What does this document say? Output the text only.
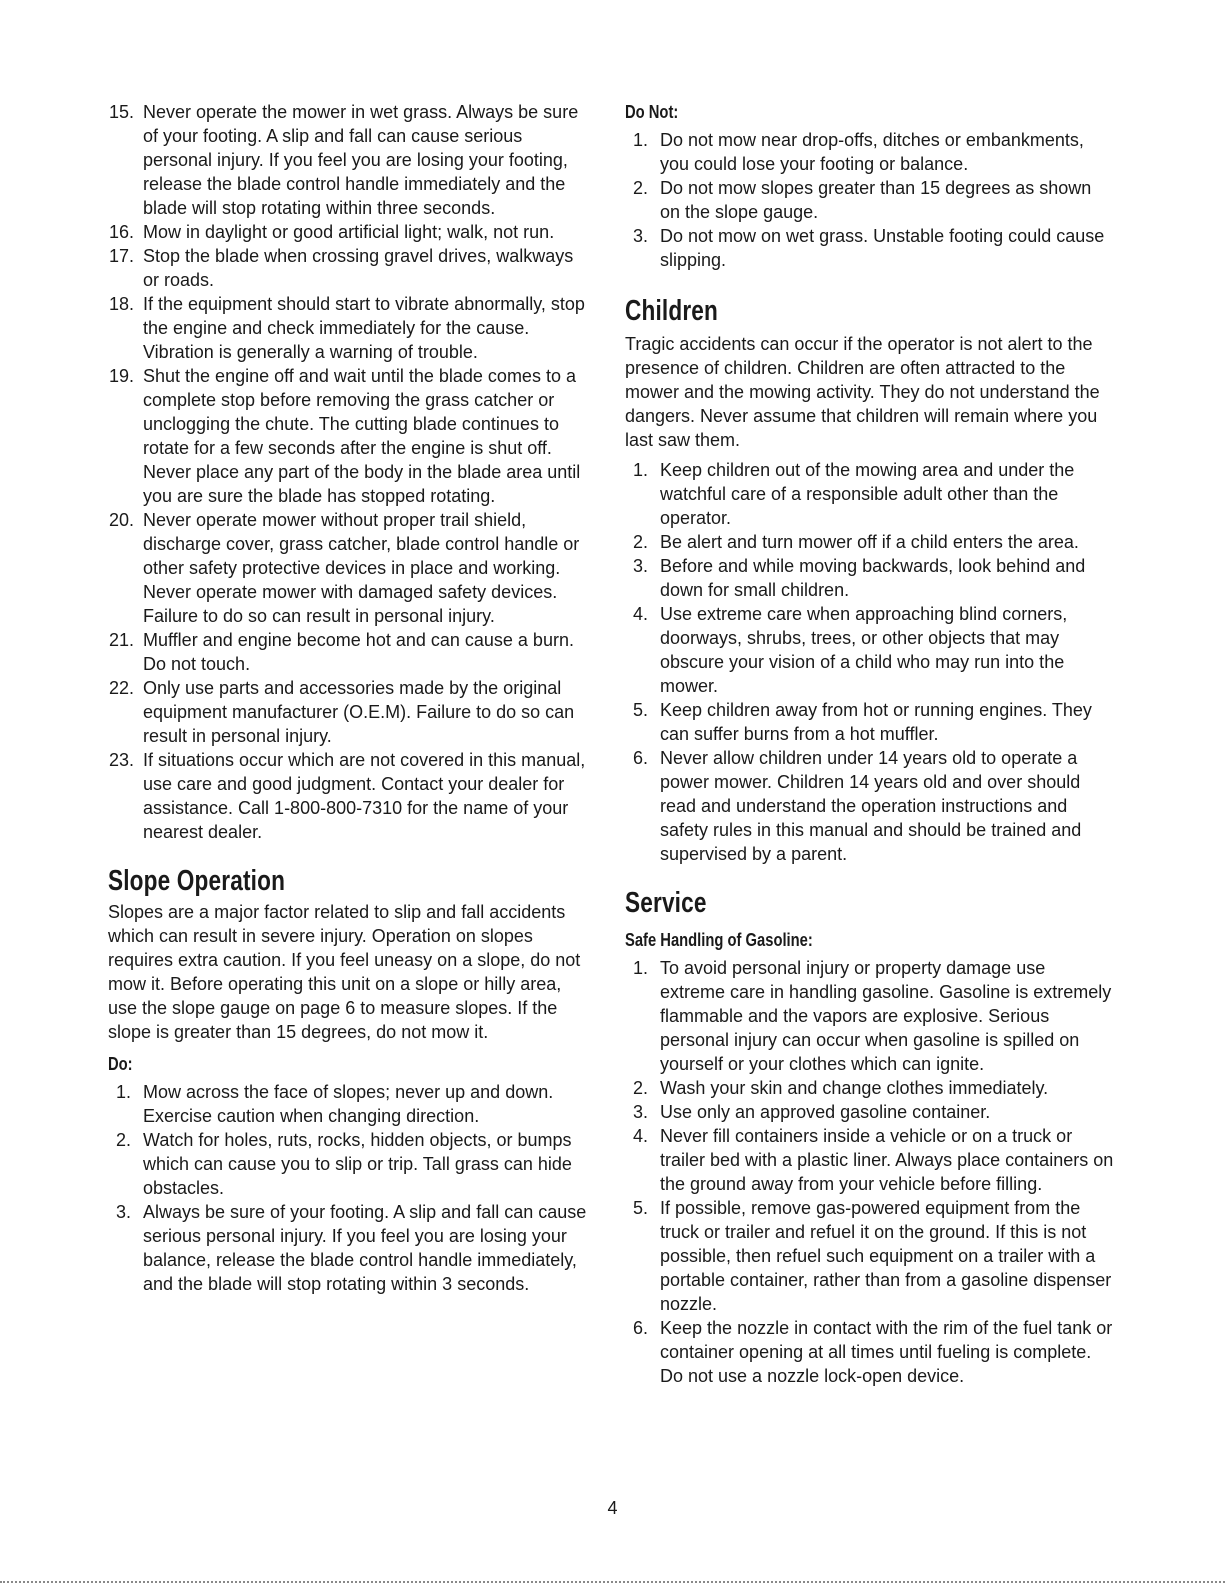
15. Never operate the mower in wet grass. Always be sure of your footing. A slip and fall can cause serious personal injury. If you feel you are losing your footing, release the blade control handle immediately and the blade will stop rotating within three seconds.
16. Mow in daylight or good artificial light; walk, not run.
17. Stop the blade when crossing gravel drives, walkways or roads.
18. If the equipment should start to vibrate abnormally, stop the engine and check immediately for the cause. Vibration is generally a warning of trouble.
19. Shut the engine off and wait until the blade comes to a complete stop before removing the grass catcher or unclogging the chute. The cutting blade continues to rotate for a few seconds after the engine is shut off. Never place any part of the body in the blade area until you are sure the blade has stopped rotating.
20. Never operate mower without proper trail shield, discharge cover, grass catcher, blade control handle or other safety protective devices in place and working. Never operate mower with damaged safety devices. Failure to do so can result in personal injury.
21. Muffler and engine become hot and can cause a burn. Do not touch.
22. Only use parts and accessories made by the original equipment manufacturer (O.E.M). Failure to do so can result in personal injury.
23. If situations occur which are not covered in this manual, use care and good judgment. Contact your dealer for assistance. Call 1-800-800-7310 for the name of your nearest dealer.
Slope Operation

Slopes are a major factor related to slip and fall accidents which can result in severe injury. Operation on slopes requires extra caution. If you feel uneasy on a slope, do not mow it. Before operating this unit on a slope or hilly area, use the slope gauge on page 6 to measure slopes. If the slope is greater than 15 degrees, do not mow it.

Do:
1. Mow across the face of slopes; never up and down. Exercise caution when changing direction.
2. Watch for holes, ruts, rocks, hidden objects, or bumps which can cause you to slip or trip. Tall grass can hide obstacles.
3. Always be sure of your footing. A slip and fall can cause serious personal injury. If you feel you are losing your balance, release the blade control handle immediately, and the blade will stop rotating within 3 seconds.
Do Not:
1. Do not mow near drop-offs, ditches or embankments, you could lose your footing or balance.
2. Do not mow slopes greater than 15 degrees as shown on the slope gauge.
3. Do not mow on wet grass. Unstable footing could cause slipping.
Children

Tragic accidents can occur if the operator is not alert to the presence of children. Children are often attracted to the mower and the mowing activity. They do not understand the dangers. Never assume that children will remain where you last saw them.

1. Keep children out of the mowing area and under the watchful care of a responsible adult other than the operator.
2. Be alert and turn mower off if a child enters the area.
3. Before and while moving backwards, look behind and down for small children.
4. Use extreme care when approaching blind corners, doorways, shrubs, trees, or other objects that may obscure your vision of a child who may run into the mower.
5. Keep children away from hot or running engines. They can suffer burns from a hot muffler.
6. Never allow children under 14 years old to operate a power mower. Children 14 years old and over should read and understand the operation instructions and safety rules in this manual and should be trained and supervised by a parent.
Service
Safe Handling of Gasoline:
1. To avoid personal injury or property damage use extreme care in handling gasoline. Gasoline is extremely flammable and the vapors are explosive. Serious personal injury can occur when gasoline is spilled on yourself or your clothes which can ignite.
2. Wash your skin and change clothes immediately.
3. Use only an approved gasoline container.
4. Never fill containers inside a vehicle or on a truck or trailer bed with a plastic liner. Always place containers on the ground away from your vehicle before filling.
5. If possible, remove gas-powered equipment from the truck or trailer and refuel it on the ground. If this is not possible, then refuel such equipment on a trailer with a portable container, rather than from a gasoline dispenser nozzle.
6. Keep the nozzle in contact with the rim of the fuel tank or container opening at all times until fueling is complete. Do not use a nozzle lock-open device.
4
